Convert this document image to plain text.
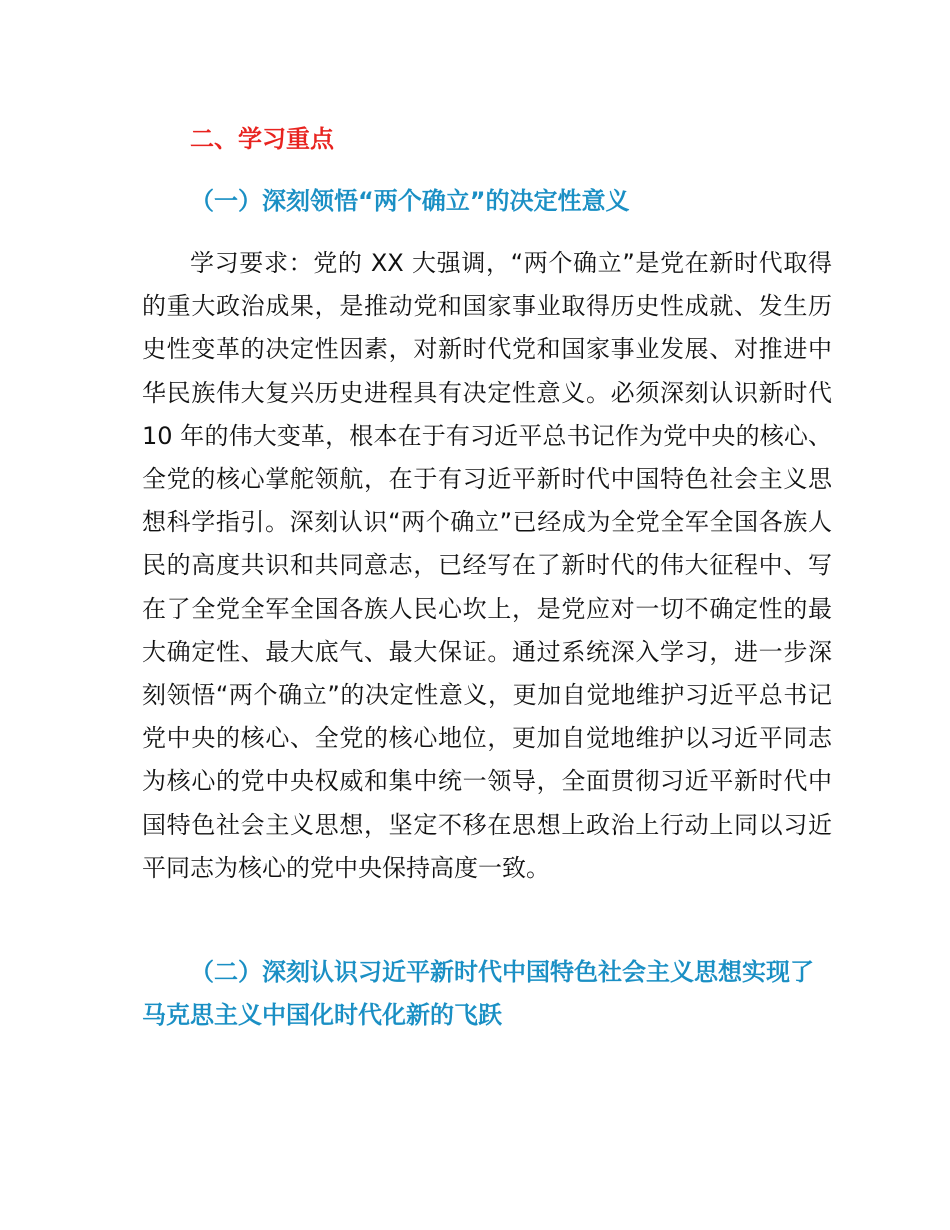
二、学习重点
（一）深刻领悟“两个确立”的决定性意义

学习要求：党的 XX 大强调，“两个确立”是党在新时代取得的重大政治成果，是推动党和国家事业取得历史性成就、发生历史性变革的决定性因素，对新时代党和国家事业发展、对推进中华民族伟大复兴历史进程具有决定性意义。必须深刻认识新时代 10 年的伟大变革，根本在于有习近平总书记作为党中央的核心、全党的核心掌舵领航，在于有习近平新时代中国特色社会主义思想科学指引。深刻认识“两个确立”已经成为全党全军全国各族人民的高度共识和共同意志，已经写在了新时代的伟大征程中、写在了全党全军全国各族人民心坎上，是党应对一切不确定性的最大确定性、最大底气、最大保证。通过系统深入学习，进一步深刻领悟“两个确立”的决定性意义，更加自觉地维护习近平总书记党中央的核心、全党的核心地位，更加自觉地维护以习近平同志为核心的党中央权威和集中统一领导，全面贯彻习近平新时代中国特色社会主义思想，坚定不移在思想上政治上行动上同以习近平同志为核心的党中央保持高度一致。

（二）深刻认识习近平新时代中国特色社会主义思想实现了马克思主义中国化时代化新的飞跃
